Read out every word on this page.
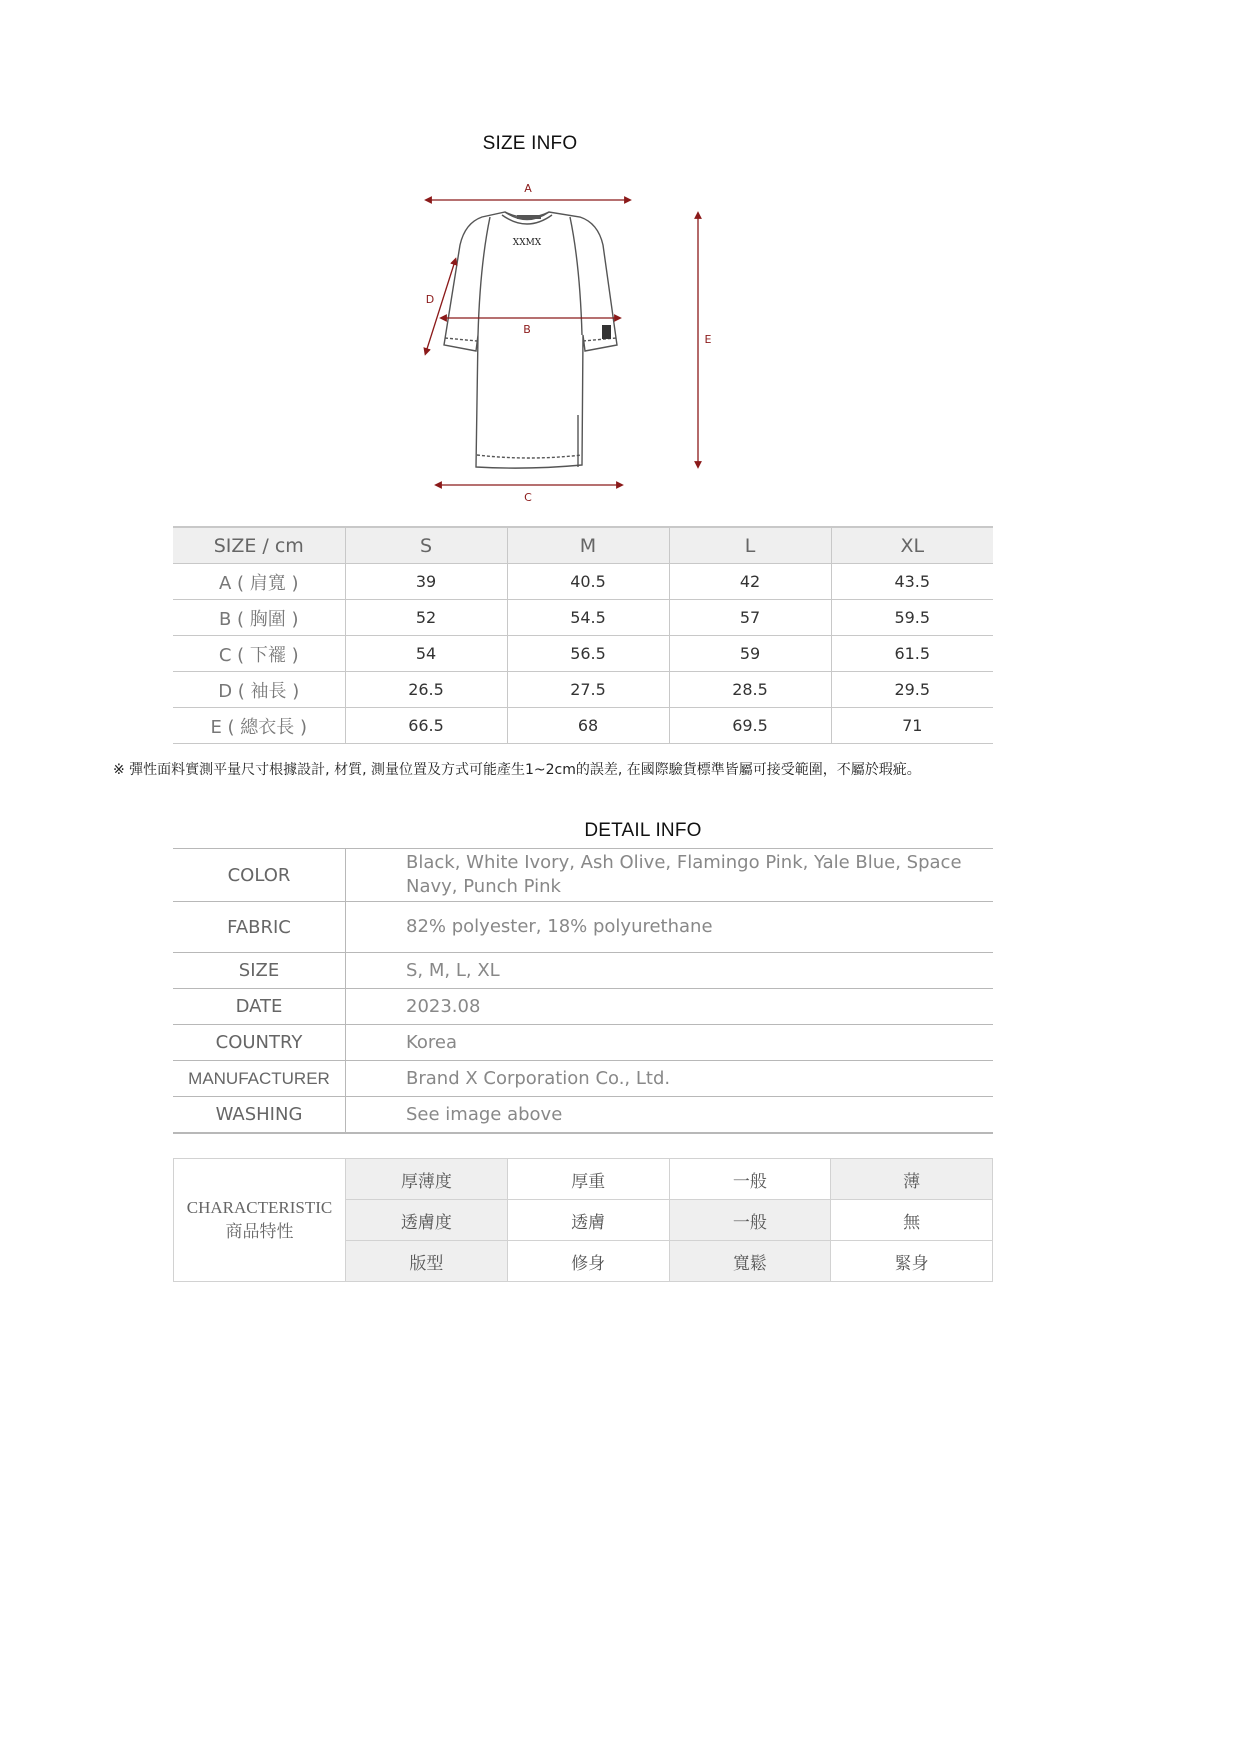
SIZE INFO
XXMX
A
B
C
D
E
SIZE / cm	S	M	L	XL
A ( 肩寬 )	39	40.5	42	43.5
B ( 胸圍 )	52	54.5	57	59.5
C ( 下襬 )	54	56.5	59	61.5
D ( 袖長 )	26.5	27.5	28.5	29.5
E ( 總衣長 )	66.5	68	69.5	71
※ 彈性面料實測平量尺寸根據設計, 材質, 測量位置及方式可能產生1~2cm的誤差, 在國際驗貨標準皆屬可接受範圍，不屬於瑕疵。
DETAIL INFO
COLOR	Black, White Ivory, Ash Olive, Flamingo Pink, Yale Blue, Space Navy, Punch Pink
FABRIC	82% polyester, 18% polyurethane
SIZE	S, M, L, XL
DATE	2023.08
COUNTRY	Korea
MANUFACTURER	Brand X Corporation Co., Ltd.
WASHING	See image above
CHARACTERISTIC
商品特性	厚薄度	厚重	一般	薄
	透膚度	透膚	一般	無
	版型	修身	寬鬆	緊身
